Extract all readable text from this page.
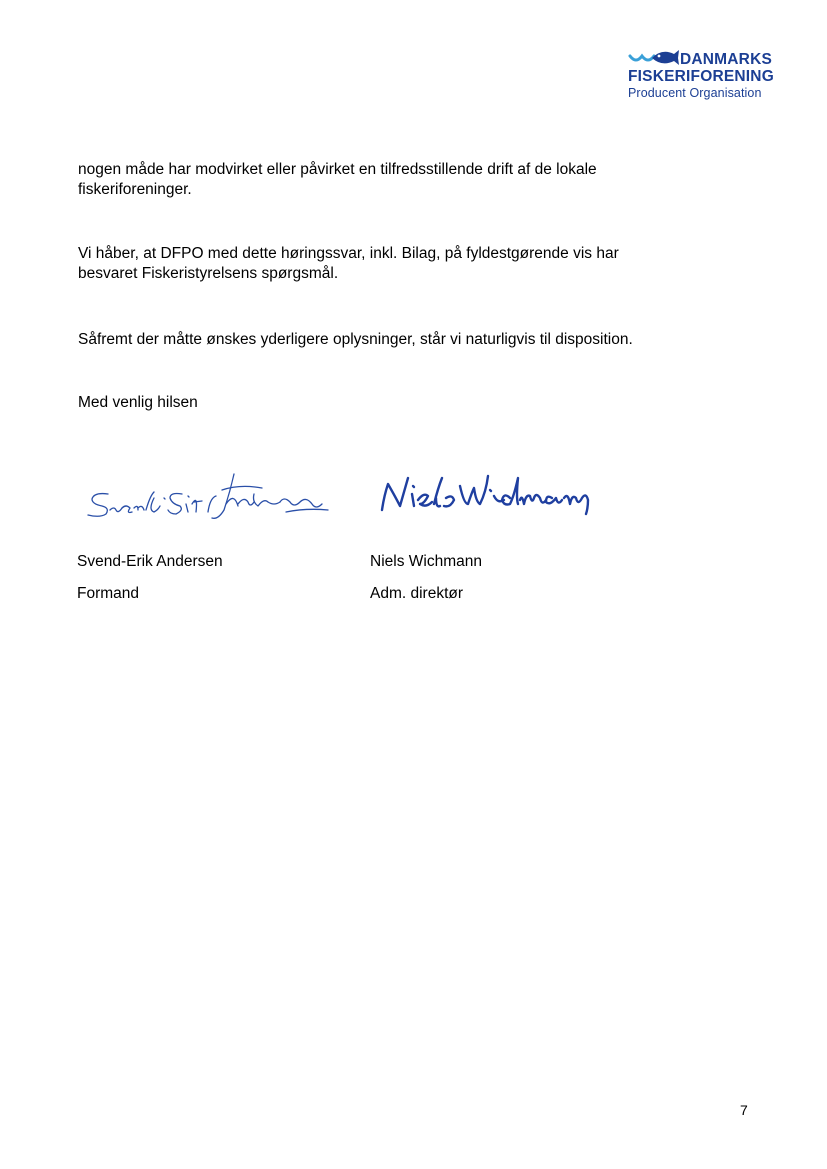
DANMARKS
FISKERIFORENING
Producent Organisation

nogen måde har modvirket eller påvirket en tilfredsstillende drift af de lokale

fiskeriforeninger.

Vi håber, at DFPO med dette høringssvar, inkl. Bilag, på fyldestgørende vis har

besvaret Fiskeristyrelsens spørgsmål.

Såfremt der måtte ønskes yderligere oplysninger, står vi naturligvis til disposition.

Med venlig hilsen

Svend-Erik Andersen
Formand
Niels Wichmann
Adm. direktør
7
